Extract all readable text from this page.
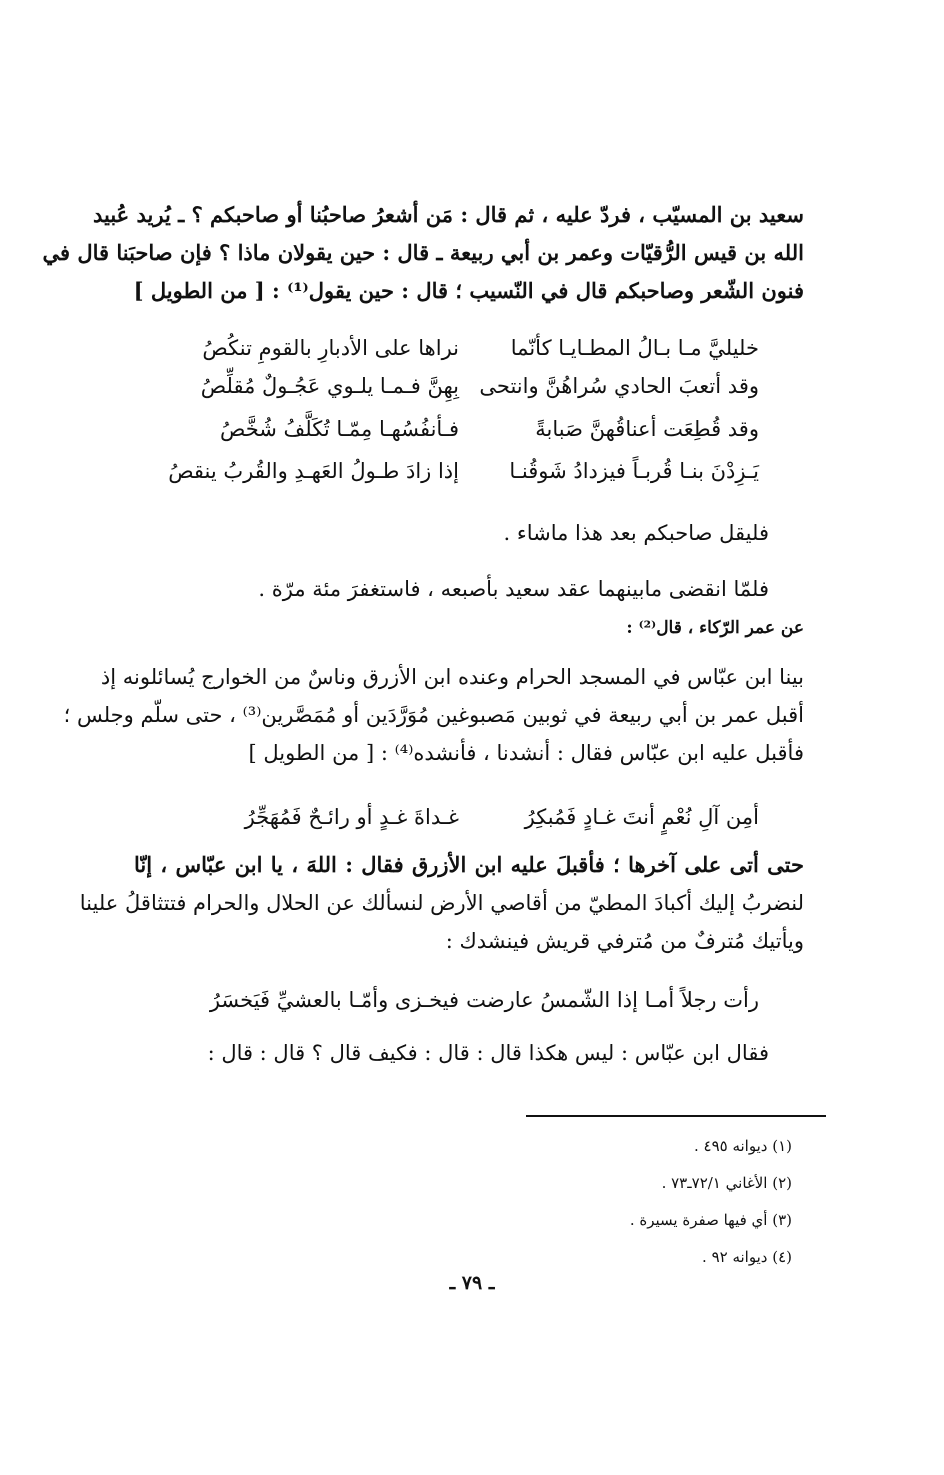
سعيد بن المسيّب ، فردّ عليه ، ثم قال : مَن أشعرُ صاحبُنا أو صاحبكم ؟ ـ يُريد عُبيد
الله بن قيس الرُّقيّات وعمر بن أبي ربيعة ـ قال : حين يقولان ماذا ؟ فإن صاحبَنا قال في
فنون الشّعر وصاحبكم قال في النّسيب ؛ قال : حين يقول⁽¹⁾ : [ من الطويل ]
خليليَّ مـا بـالُ المطـايـا كأنّما
نراها على الأدبارِ بالقومِ تنكُصُ
وقد أتعبَ الحادي سُراهُنَّ وانتحى
بِهِنَّ فـمـا يلـوي عَجُـولٌ مُقلِّصُ
وقد قُطِعَت أعناقُهنَّ صَبابةً
فـأنفُسُهـا مِمّـا تُكَلَّفُ شُخَّصُ
يَـزِدْنَ بنـا قُربـاً فيزدادُ شَوقُنـا
إذا زادَ طـولُ العَهـدِ والقُربُ ينقصُ
فليقل صاحبكم بعد هذا ماشاء .
فلمّا انقضى مابينهما عقد سعيد بأصبعه ، فاستغفرَ مئة مرّة .
عن عمر الرّكاء ، قال⁽²⁾ :
بينا ابن عبّاس في المسجد الحرام وعنده ابن الأزرق وناسٌ من الخوارج يُسائلونه إذ
أقبل عمر بن أبي ربيعة في ثوبين مَصبوغين مُوَرَّدَين أو مُمَصَّرين⁽³⁾ ، حتى سلّم وجلس ؛
فأقبل عليه ابن عبّاس فقال : أنشدنا ، فأنشده⁽⁴⁾ : [ من الطويل ]
أمِن آلِ نُعْمٍ أنتَ غـادٍ فَمُبكِرُ
غـداةَ غـدٍ أو رائـحٌ فَمُهَجِّرُ
حتى أتى على آخرها ؛ فأقبلَ عليه ابن الأزرق فقال : اللهَ ، يا ابن عبّاس ، إنّا
لنضربُ إليك أكبادَ المطيّ من أقاصي الأرض لنسألك عن الحلال والحرام فتتثاقلُ علينا
ويأتيك مُترفٌ من مُترفي قريش فينشدك :
رأت رجلاً أمـا إذا الشّمسُ عارضت
فيخـزى وأمّـا بالعشيِّ فَيَخسَرُ
فقال ابن عبّاس : ليس هكذا قال : قال : فكيف قال ؟ قال : قال :
(١) ديوانه ٤٩٥ .
(٢) الأغاني ٧٢/١ـ٧٣ .
(٣) أي فيها صفرة يسيرة .
(٤) ديوانه ٩٢ .
ـ ٧٩ ـ
